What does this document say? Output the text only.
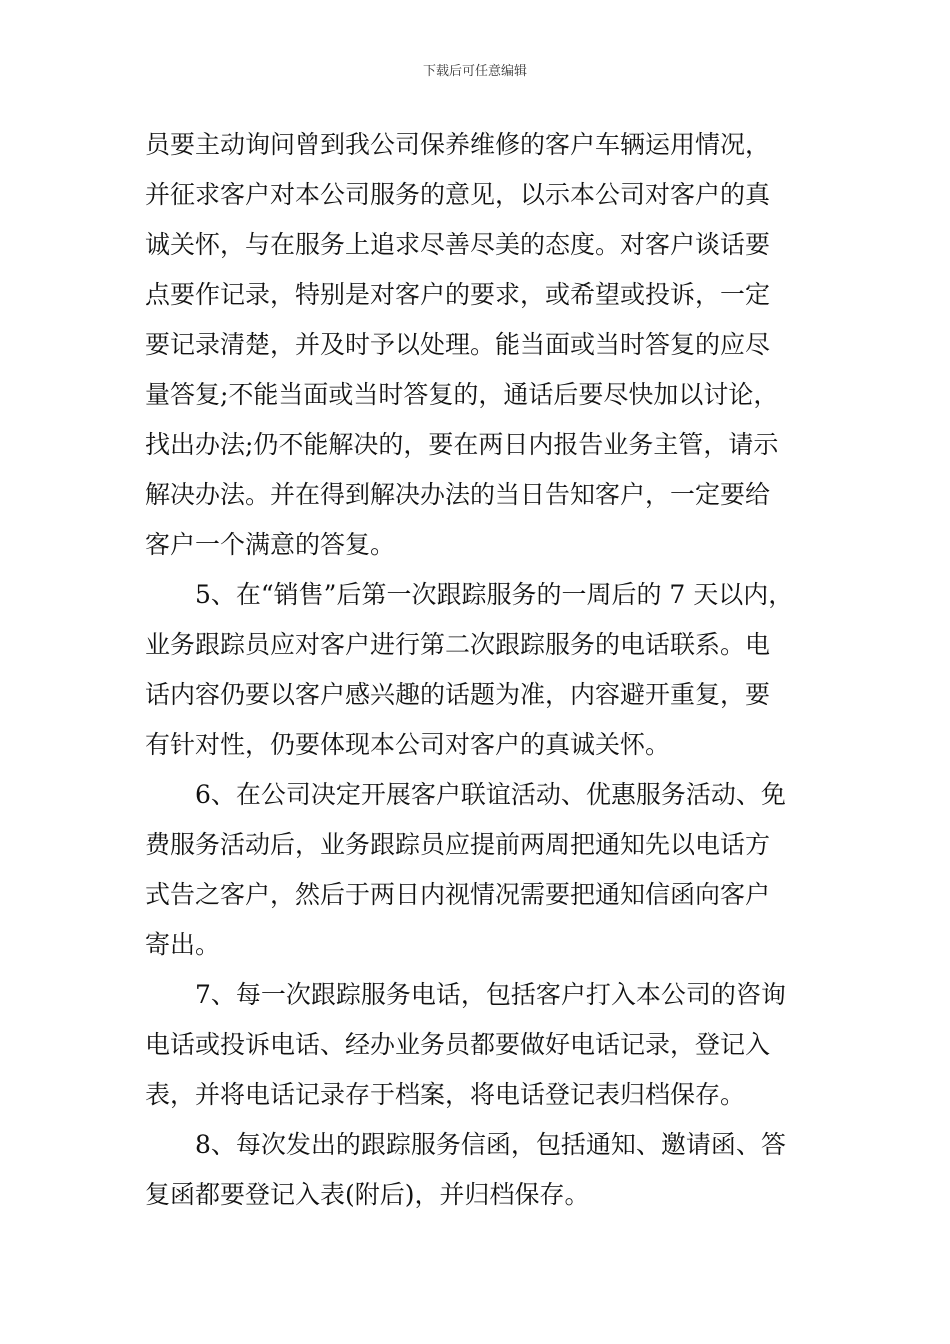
下载后可任意编辑
员要主动询问曾到我公司保养维修的客户车辆运用情况，
并征求客户对本公司服务的意见，以示本公司对客户的真
诚关怀，与在服务上追求尽善尽美的态度。对客户谈话要
点要作记录，特别是对客户的要求，或希望或投诉，一定
要记录清楚，并及时予以处理。能当面或当时答复的应尽
量答复;不能当面或当时答复的，通话后要尽快加以讨论，
找出办法;仍不能解决的，要在两日内报告业务主管，请示
解决办法。并在得到解决办法的当日告知客户，一定要给
客户一个满意的答复。
5、在“销售”后第一次跟踪服务的一周后的 7 天以内，
业务跟踪员应对客户进行第二次跟踪服务的电话联系。电
话内容仍要以客户感兴趣的话题为准，内容避开重复，要
有针对性，仍要体现本公司对客户的真诚关怀。
6、在公司决定开展客户联谊活动、优惠服务活动、免
费服务活动后，业务跟踪员应提前两周把通知先以电话方
式告之客户，然后于两日内视情况需要把通知信函向客户
寄出。
7、每一次跟踪服务电话，包括客户打入本公司的咨询
电话或投诉电话、经办业务员都要做好电话记录，登记入
表，并将电话记录存于档案，将电话登记表归档保存。
8、每次发出的跟踪服务信函，包括通知、邀请函、答
复函都要登记入表(附后)，并归档保存。
